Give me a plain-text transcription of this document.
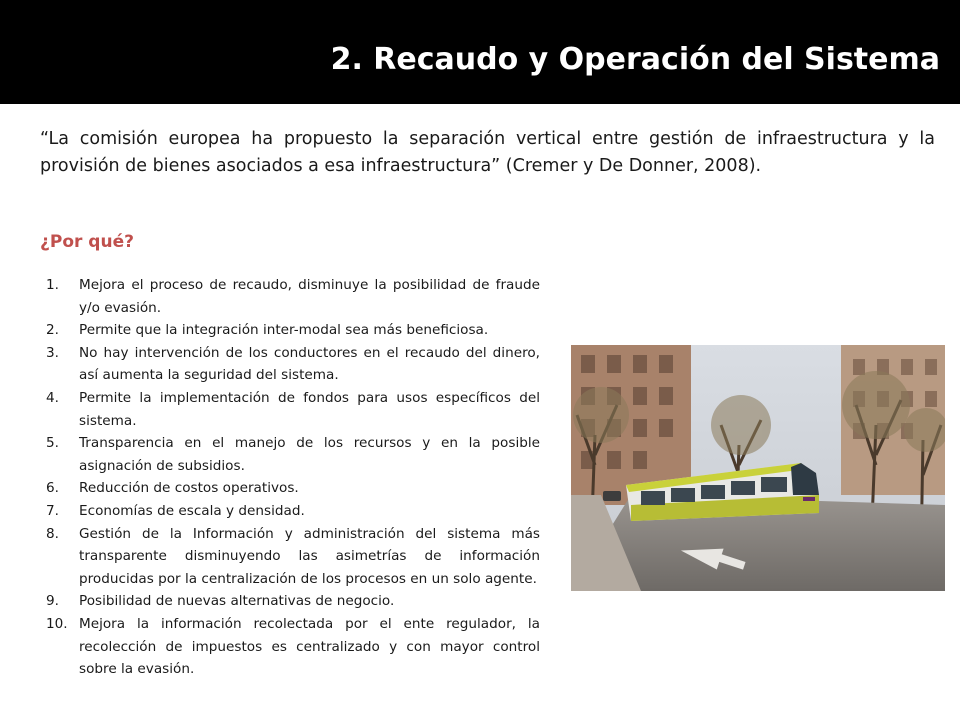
2. Recaudo y Operación del Sistema
“La comisión europea ha propuesto la separación vertical entre gestión de infraestructura y la provisión de bienes asociados a esa infraestructura” (Cremer y De Donner, 2008).
¿Por qué?
1. Mejora el proceso de recaudo, disminuye la posibilidad de fraude y/o evasión.
2. Permite que la integración inter-modal sea más beneficiosa.
3. No hay intervención de los conductores en el recaudo del dinero, así aumenta la seguridad del sistema.
4. Permite la implementación de fondos para usos específicos del sistema.
5. Transparencia en el manejo de los recursos y en la posible asignación de subsidios.
6. Reducción de costos operativos.
7. Economías de escala y densidad.
8. Gestión de la Información y administración del sistema más transparente disminuyendo las asimetrías de información producidas por la centralización de los procesos en un solo agente.
9. Posibilidad de nuevas alternativas de negocio.
10. Mejora la información recolectada por el ente regulador, la recolección de impuestos es centralizado y con mayor control sobre la evasión.
